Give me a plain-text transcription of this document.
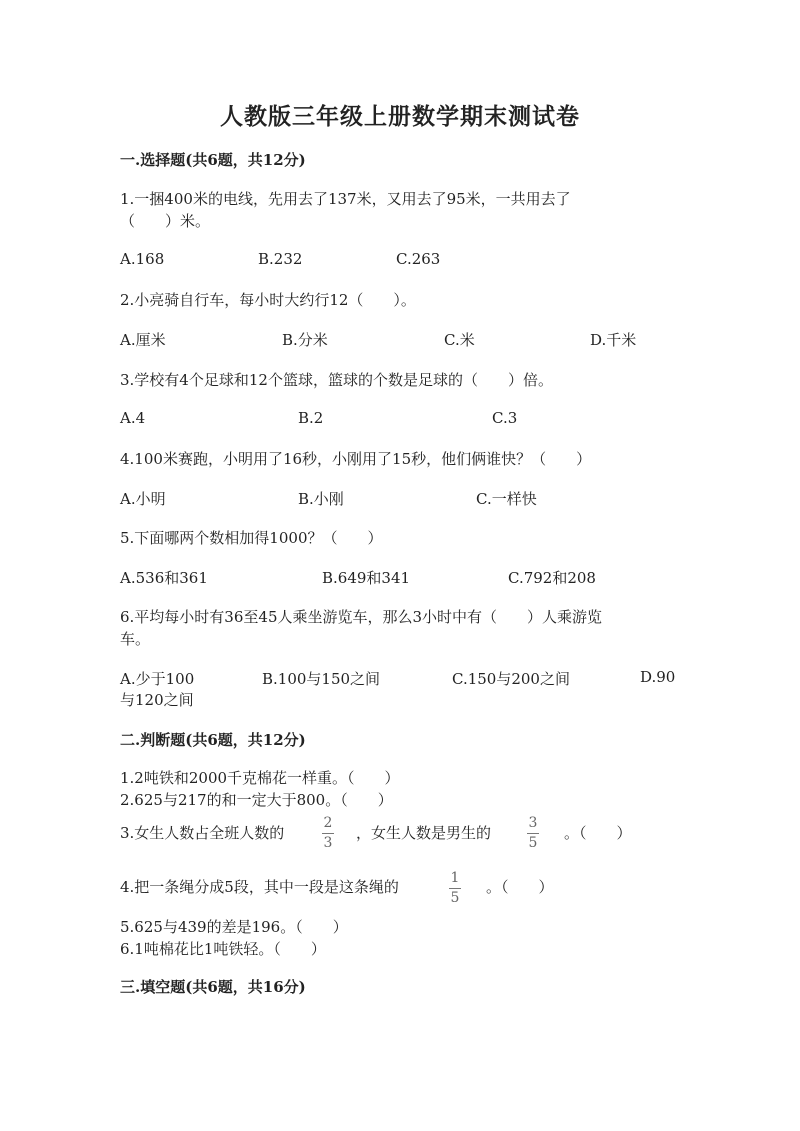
人教版三年级上册数学期末测试卷
一.选择题(共6题，共12分)
1.一捆400米的电线，先用去了137米，又用去了95米，一共用去了
（　　）米。
A.168	B.232	C.263
2.小亮骑自行车，每小时大约行12（　　）。
A.厘米	B.分米	C.米	D.千米
3.学校有4个足球和12个篮球，篮球的个数是足球的（　　）倍。
A.4	B.2	C.3
4.100米赛跑，小明用了16秒，小刚用了15秒，他们俩谁快？（　　）
A.小明	B.小刚	C.一样快
5.下面哪两个数相加得1000？（　　）
A.536和361	B.649和341	C.792和208
6.平均每小时有36至45人乘坐游览车，那么3小时中有（　　）人乘游览
车。
A.少于100	B.100与150之间	C.150与200之间	D.90
与120之间
二.判断题(共6题，共12分)
1.2吨铁和2000千克棉花一样重。（　　）
2.625与217的和一定大于800。（　　）
3.女生人数占全班人数的
2
3
，女生人数是男生的
3
5
。（　　）
4.把一条绳分成5段，其中一段是这条绳的	1
5
。（　　）
5.625与439的差是196。（　　）
6.1吨棉花比1吨铁轻。（　　）
三.填空题(共6题，共16分)
